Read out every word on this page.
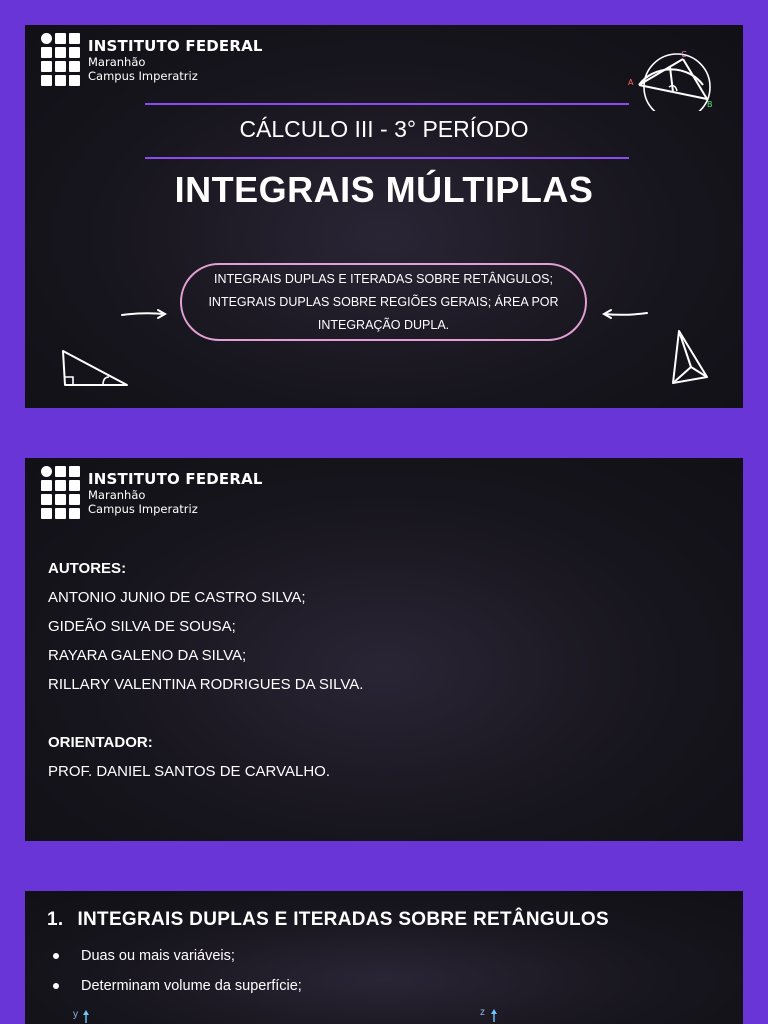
INSTITUTO FEDERAL
Maranhão
Campus Imperatriz	A
B
C
CÁLCULO III - 3° PERÍODO
INTEGRAIS MÚLTIPLAS
INTEGRAIS DUPLAS E ITERADAS SOBRE RETÂNGULOS;
INTEGRAIS DUPLAS SOBRE REGIÕES GERAIS; ÁREA POR
INTEGRAÇÃO DUPLA.
INSTITUTO FEDERAL
Maranhão
Campus Imperatriz
AUTORES:
ANTONIO JUNIO DE CASTRO SILVA;
GIDEÃO SILVA DE SOUSA;
RAYARA GALENO DA SILVA;
RILLARY VALENTINA RODRIGUES DA SILVA.
ORIENTADOR:
PROF. DANIEL SANTOS DE CARVALHO.
1. INTEGRAIS DUPLAS E ITERADAS SOBRE RETÂNGULOS
Duas ou mais variáveis;
Determinam volume da superfície;
y	z
